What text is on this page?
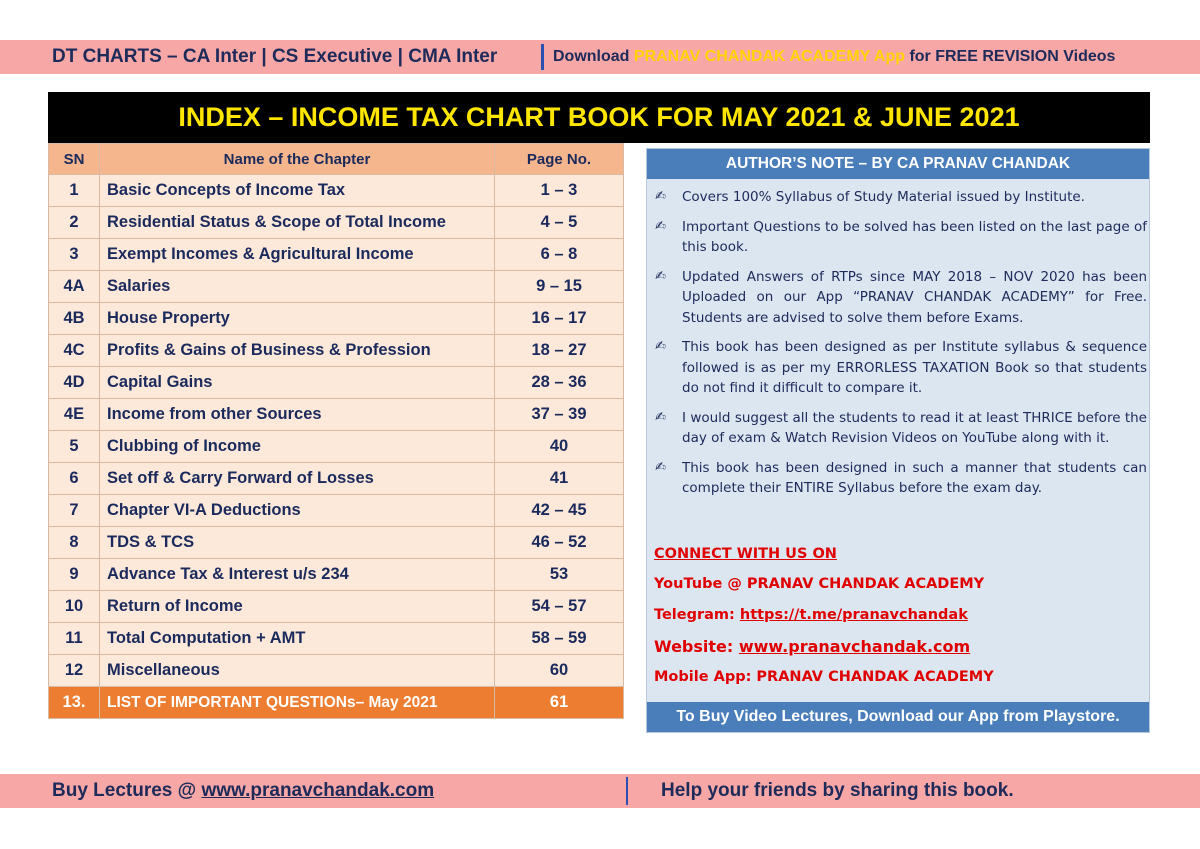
DT CHARTS – CA Inter | CS Executive | CMA Inter	Download PRANAV CHANDAK ACADEMY App for FREE REVISION Videos
INDEX – INCOME TAX CHART BOOK FOR MAY 2021 & JUNE 2021
SN	Name of the Chapter	Page No.
1	Basic Concepts of Income Tax	1 – 3
2	Residential Status & Scope of Total Income	4 – 5
3	Exempt Incomes & Agricultural Income	6 – 8
4A	Salaries	9 – 15
4B	House Property	16 – 17
4C	Profits & Gains of Business & Profession	18 – 27
4D	Capital Gains	28 – 36
4E	Income from other Sources	37 – 39
5	Clubbing of Income	40
6	Set off & Carry Forward of Losses	41
7	Chapter VI-A Deductions	42 – 45
8	TDS & TCS	46 – 52
9	Advance Tax & Interest u/s 234	53
10	Return of Income	54 – 57
11	Total Computation + AMT	58 – 59
12	Miscellaneous	60
13.	LIST OF IMPORTANT QUESTIONs– May 2021	61
AUTHOR’S NOTE – BY CA PRANAV CHANDAK
✍ Covers 100% Syllabus of Study Material issued by Institute.
✍ Important Questions to be solved has been listed on the last page of this book.
✍ Updated Answers of RTPs since MAY 2018 – NOV 2020 has been Uploaded on our App “PRANAV CHANDAK ACADEMY” for Free. Students are advised to solve them before Exams.
✍ This book has been designed as per Institute syllabus & sequence followed is as per my ERRORLESS TAXATION Book so that students do not find it difficult to compare it.
✍ I would suggest all the students to read it at least THRICE before the day of exam & Watch Revision Videos on YouTube along with it.
✍ This book has been designed in such a manner that students can complete their ENTIRE Syllabus before the exam day.
CONNECT WITH US ON
YouTube @ PRANAV CHANDAK ACADEMY
Telegram: https://t.me/pranavchandak
Website: www.pranavchandak.com
Mobile App: PRANAV CHANDAK ACADEMY
To Buy Video Lectures, Download our App from Playstore.
Buy Lectures @ www.pranavchandak.com	Help your friends by sharing this book.
